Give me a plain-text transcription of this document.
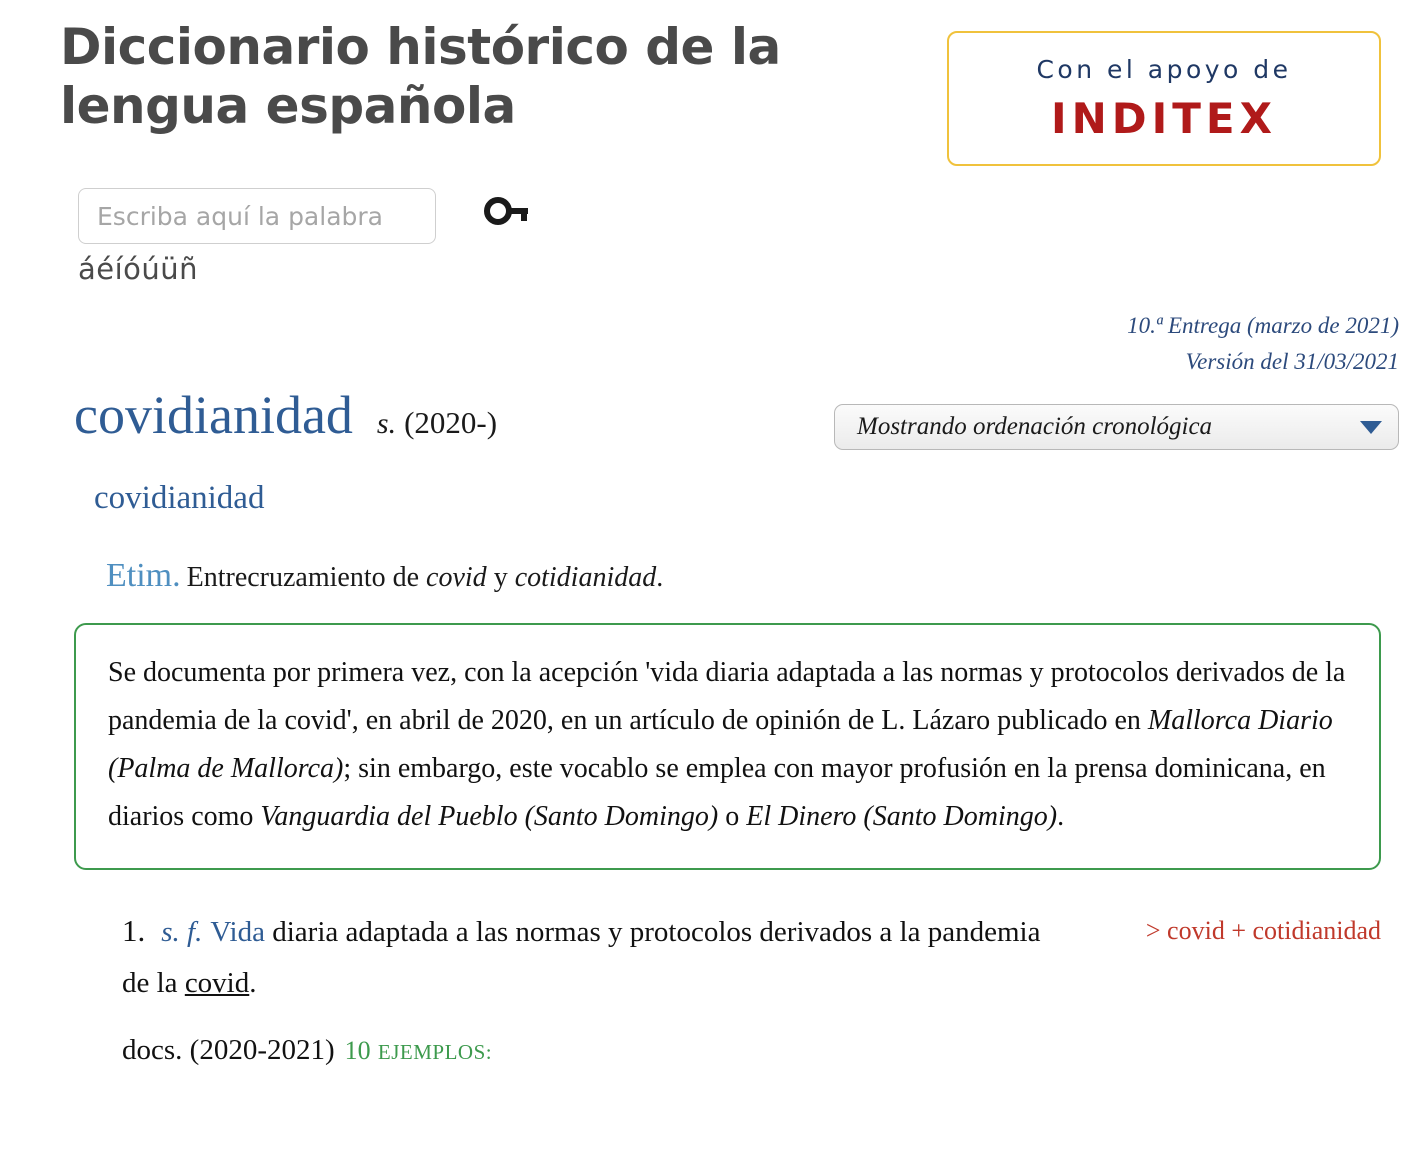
Diccionario histórico de la lengua española
Con el apoyo de
INDITEX
Escriba aquí la palabra
áéíóúüñ
10.ª Entrega (marzo de 2021)
Versión del 31/03/2021
covidianidad s. (2020-)	Mostrando ordenación cronológica
covidianidad
Etim. Entrecruzamiento de covid y cotidianidad.
Se documenta por primera vez, con la acepción 'vida diaria adaptada a las normas y protocolos derivados de la pandemia de la covid', en abril de 2020, en un artículo de opinión de L. Lázaro publicado en Mallorca Diario (Palma de Mallorca); sin embargo, este vocablo se emplea con mayor profusión en la prensa dominicana, en diarios como Vanguardia del Pueblo (Santo Domingo) o El Dinero (Santo Domingo).
> covid + cotidianidad
1. s. f. Vida diaria adaptada a las normas y protocolos derivados a la pandemia de la covid.
docs. (2020-2021) 10 EJEMPLOS:
